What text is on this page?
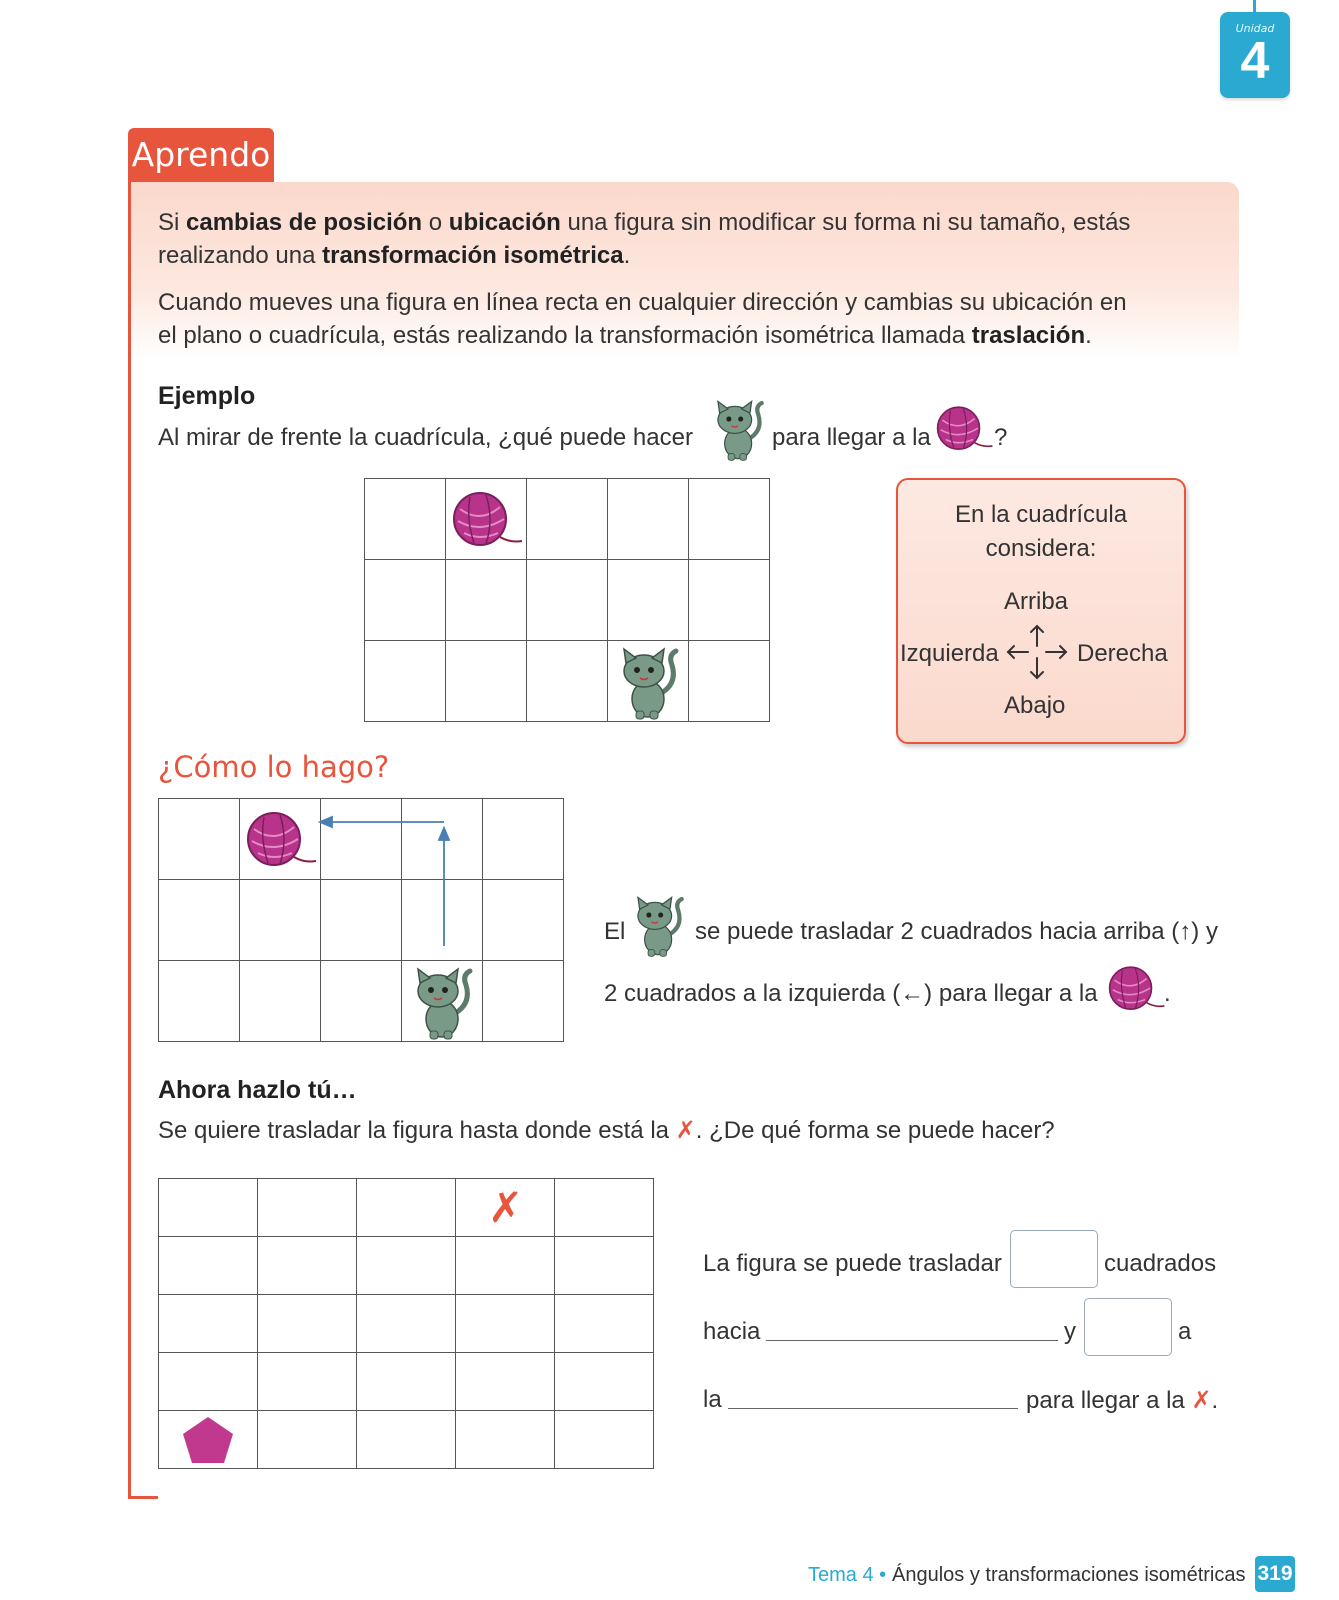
Unidad
4
Aprendo
Si cambias de posición o ubicación una figura sin modificar su forma ni su tamaño, estás
realizando una transformación isométrica.
Cuando mueves una figura en línea recta en cualquier dirección y cambias su ubicación en
el plano o cuadrícula, estás realizando la transformación isométrica llamada traslación.
Ejemplo
Al mirar de frente la cuadrícula, ¿qué puede hacer	para llegar a la	?

En la cuadrícula
considera:
Arriba
Izquierda	Derecha
Abajo
¿Cómo lo hago?

El	se puede trasladar 2 cuadrados hacia arriba (↑) y
2 cuadrados a la izquierda (←) para llegar a la	.
Ahora hazlo tú…
Se quiere trasladar la figura hasta donde está la ✗. ¿De qué forma se puede hacer?

			✗	

La figura se puede trasladar	cuadrados
hacia	y	a
la	para llegar a la ✗.
Tema 4 • Ángulos y transformaciones isométricas 319
